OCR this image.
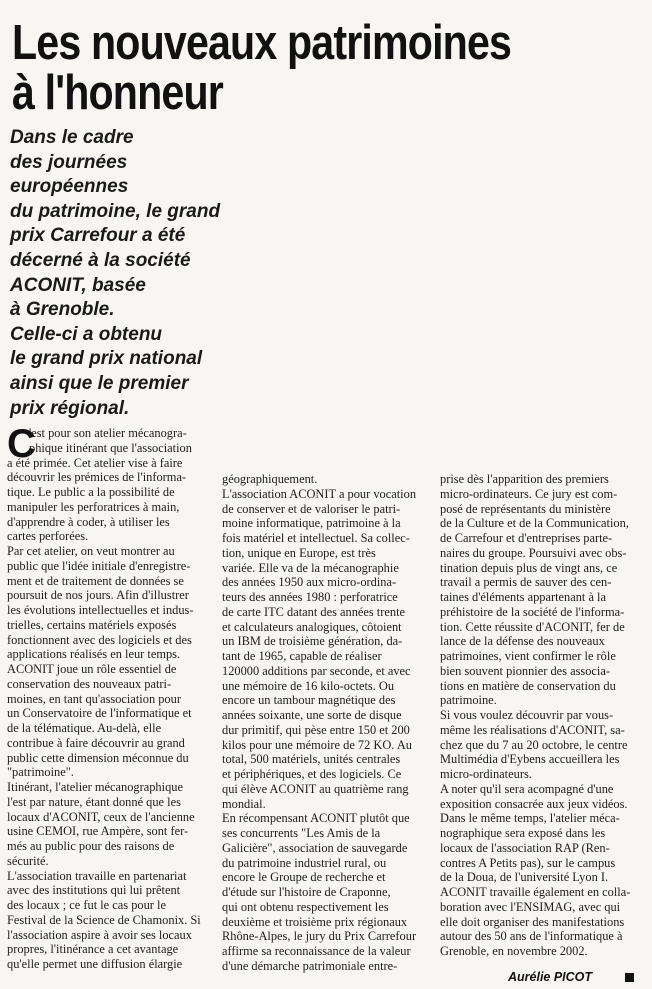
Les nouveaux patrimoines
à l'honneur
Dans le cadre
des journées
européennes
du patrimoine, le grand
prix Carrefour a été
décerné à la société
ACONIT, basée
à Grenoble.
Celle-ci a obtenu
le grand prix national
ainsi que le premier
prix régional.
C
'est pour son atelier mécanogra-
phique itinérant que l'association
a été primée. Cet atelier vise à faire
découvrir les prémices de l'informa-
tique. Le public a la possibilité de
manipuler les perforatrices à main,
d'apprendre à coder, à utiliser les
cartes perforées.
Par cet atelier, on veut montrer au
public que l'idée initiale d'enregistre-
ment et de traitement de données se
poursuit de nos jours. Afin d'illustrer
les évolutions intellectuelles et indus-
trielles, certains matériels exposés
fonctionnent avec des logiciels et des
applications réalisés en leur temps.
ACONIT joue un rôle essentiel de
conservation des nouveaux patri-
moines, en tant qu'association pour
un Conservatoire de l'informatique et
de la télématique. Au-delà, elle
contribue à faire découvrir au grand
public cette dimension méconnue du
"patrimoine".
Itinérant, l'atelier mécanographique
l'est par nature, étant donné que les
locaux d'ACONIT, ceux de l'ancienne
usine CEMOI, rue Ampère, sont fer-
més au public pour des raisons de
sécurité.
L'association travaille en partenariat
avec des institutions qui lui prêtent
des locaux ; ce fut le cas pour le
Festival de la Science de Chamonix. Si
l'association aspire à avoir ses locaux
propres, l'itinérance a cet avantage
qu'elle permet une diffusion élargie
géographiquement.
L'association ACONIT a pour vocation
de conserver et de valoriser le patri-
moine informatique, patrimoine à la
fois matériel et intellectuel. Sa collec-
tion, unique en Europe, est très
variée. Elle va de la mécanographie
des années 1950 aux micro-ordina-
teurs des années 1980 : perforatrice
de carte ITC datant des années trente
et calculateurs analogiques, côtoient
un IBM de troisième génération, da-
tant de 1965, capable de réaliser
120000 additions par seconde, et avec
une mémoire de 16 kilo-octets. Ou
encore un tambour magnétique des
années soixante, une sorte de disque
dur primitif, qui pèse entre 150 et 200
kilos pour une mémoire de 72 KO. Au
total, 500 matériels, unités centrales
et périphériques, et des logiciels. Ce
qui élève ACONIT au quatrième rang
mondial.
En récompensant ACONIT plutôt que
ses concurrents "Les Amis de la
Galicière", association de sauvegarde
du patrimoine industriel rural, ou
encore le Groupe de recherche et
d'étude sur l'histoire de Craponne,
qui ont obtenu respectivement les
deuxième et troisième prix régionaux
Rhône-Alpes, le jury du Prix Carrefour
affirme sa reconnaissance de la valeur
d'une démarche patrimoniale entre-
prise dès l'apparition des premiers
micro-ordinateurs. Ce jury est com-
posé de représentants du ministère
de la Culture et de la Communication,
de Carrefour et d'entreprises parte-
naires du groupe. Poursuivi avec obs-
tination depuis plus de vingt ans, ce
travail a permis de sauver des cen-
taines d'éléments appartenant à la
préhistoire de la société de l'informa-
tion. Cette réussite d'ACONIT, fer de
lance de la défense des nouveaux
patrimoines, vient confirmer le rôle
bien souvent pionnier des associa-
tions en matière de conservation du
patrimoine.
Si vous voulez découvrir par vous-
même les réalisations d'ACONIT, sa-
chez que du 7 au 20 octobre, le centre
Multimédia d'Eybens accueillera les
micro-ordinateurs.
A noter qu'il sera acompagné d'une
exposition consacrée aux jeux vidéos.
Dans le même temps, l'atelier méca-
nographique sera exposé dans les
locaux de l'association RAP (Ren-
contres A Petits pas), sur le campus
de la Doua, de l'université Lyon I.
ACONIT travaille également en colla-
boration avec l'ENSIMAG, avec qui
elle doit organiser des manifestations
autour des 50 ans de l'informatique à
Grenoble, en novembre 2002.
Aurélie PICOT
